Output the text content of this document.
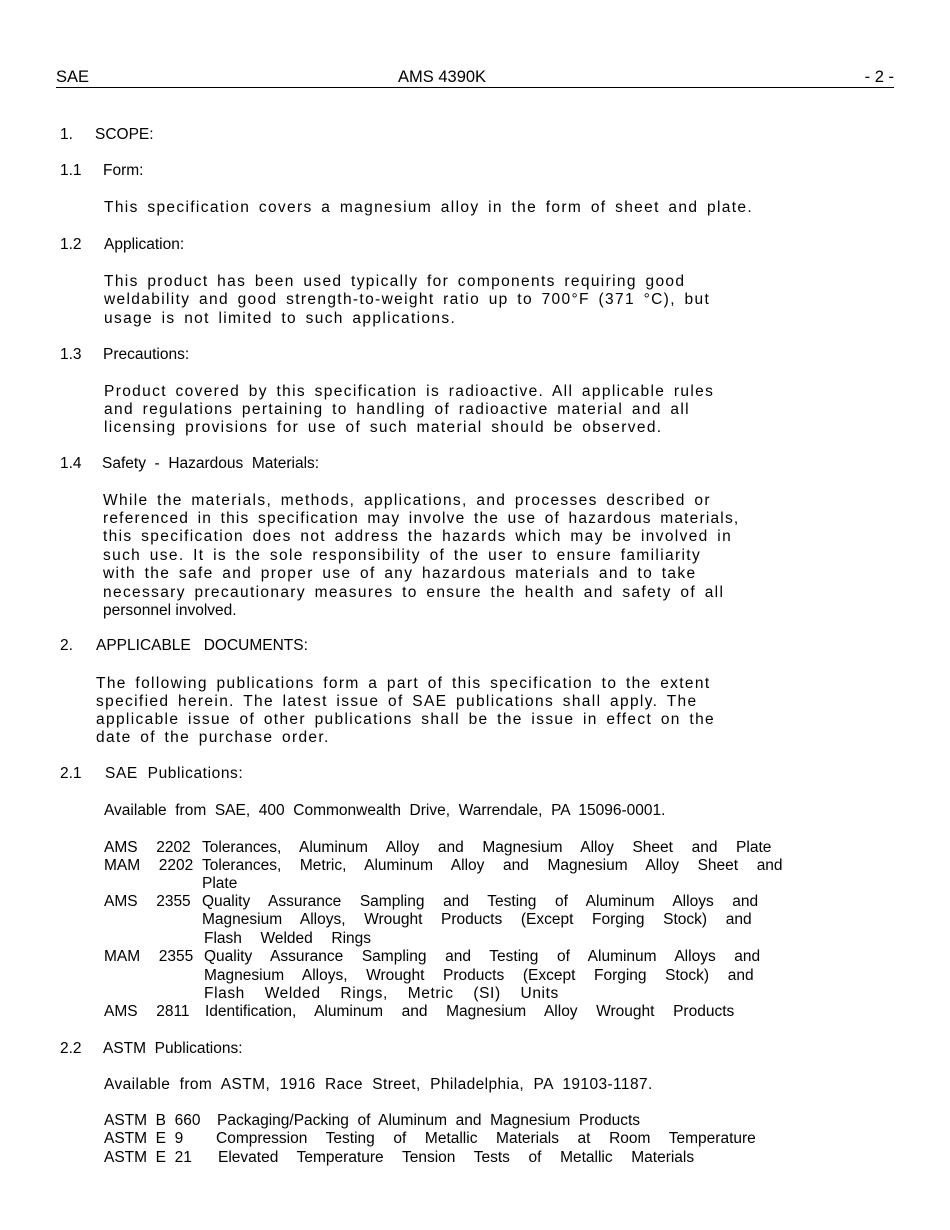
SAE	AMS 4390K	- 2 -
1. SCOPE:
1.1 Form:
This specification covers a magnesium alloy in the form of sheet and plate.
1.2 Application:
This product has been used typically for components requiring good
weldability and good strength-to-weight ratio up to 700°F (371 °C), but
usage is not limited to such applications.
1.3 Precautions:
Product covered by this specification is radioactive. All applicable rules
and regulations pertaining to handling of radioactive material and all
licensing provisions for use of such material should be observed.
1.4 Safety  -  Hazardous  Materials:
While the materials, methods, applications, and processes described or
referenced in this specification may involve the use of hazardous materials,
this specification does not address the hazards which may be involved in
such use. It is the sole responsibility of the user to ensure familiarity
with the safe and proper use of any hazardous materials and to take
necessary precautionary measures to ensure the health and safety of all
personnel involved.
2. APPLICABLE   DOCUMENTS:
The following publications form a part of this specification to the extent
specified herein. The latest issue of SAE publications shall apply. The
applicable issue of other publications shall be the issue in effect on the
date of the purchase order.
2.1 SAE  Publications:
Available  from  SAE,  400  Commonwealth  Drive,  Warrendale,  PA  15096-0001.
AMS  2202 Tolerances,  Aluminum  Alloy  and  Magnesium  Alloy  Sheet  and  Plate
MAM  2202 Tolerances,  Metric,  Aluminum  Alloy  and  Magnesium  Alloy  Sheet  and
Plate
AMS  2355 Quality  Assurance  Sampling  and  Testing  of  Aluminum  Alloys  and
Magnesium  Alloys,  Wrought  Products  (Except  Forging  Stock)  and
Flash  Welded  Rings
MAM  2355 Quality  Assurance  Sampling  and  Testing  of  Aluminum  Alloys  and
Magnesium  Alloys,  Wrought  Products  (Except  Forging  Stock)  and
Flash  Welded  Rings,  Metric  (SI)  Units
AMS  2811 Identification,  Aluminum  and  Magnesium  Alloy  Wrought  Products
2.2 ASTM  Publications:
Available  from  ASTM,  1916  Race  Street,  Philadelphia,  PA  19103-1187.
ASTM  B  660 Packaging/Packing  of  Aluminum  and  Magnesium  Products
ASTM  E  9 Compression  Testing  of  Metallic  Materials  at  Room  Temperature
ASTM  E  21 Elevated  Temperature  Tension  Tests  of  Metallic  Materials
